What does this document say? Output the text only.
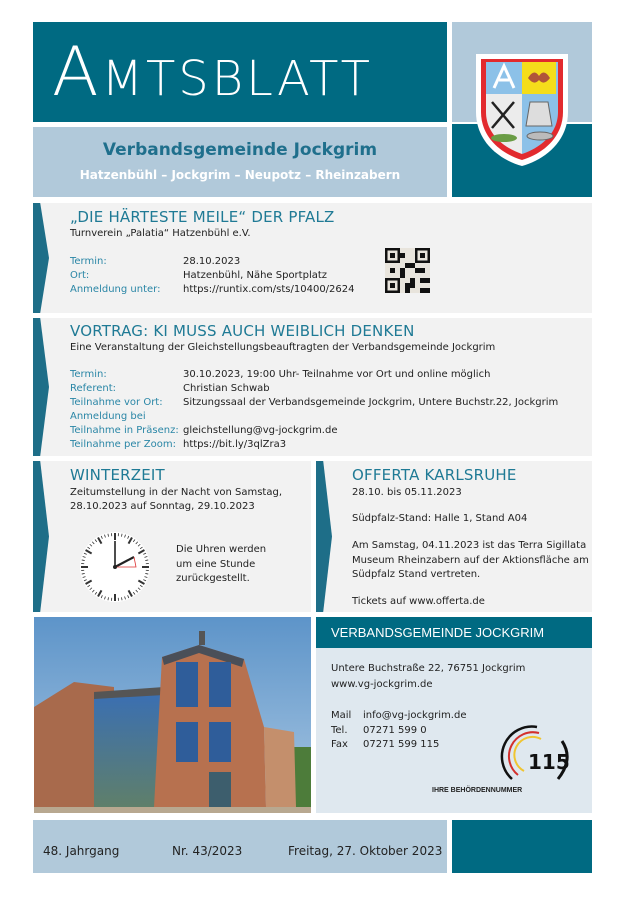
AMTSBLATT
Verbandsgemeinde Jockgrim
Hatzenbühl – Jockgrim – Neupotz – Rheinzabern
„DIE HÄRTESTE MEILE“ DER PFALZ
Turnverein „Palatia“ Hatzenbühl e.V.
Termin:	28.10.2023
Ort:	Hatzenbühl, Nähe Sportplatz
Anmeldung unter:	https://runtix.com/sts/10400/2624
VORTRAG: KI MUSS AUCH WEIBLICH DENKEN
Eine Veranstaltung der Gleichstellungsbeauftragten der Verbandsgemeinde Jockgrim
Termin:	30.10.2023, 19:00 Uhr- Teilnahme vor Ort und online möglich
Referent:	Christian Schwab
Teilnahme vor Ort:	Sitzungssaal der Verbandsgemeinde Jockgrim, Untere Buchstr.22, Jockgrim
Anmeldung bei
Teilnahme in Präsenz: gleichstellung@vg-jockgrim.de
Teilnahme per Zoom: https://bit.ly/3qlZra3
WINTERZEIT
Zeitumstellung in der Nacht von Samstag,
28.10.2023 auf Sonntag, 29.10.2023
Die Uhren werden
um eine Stunde
zurückgestellt.
OFFERTA KARLSRUHE
28.10. bis 05.11.2023
Südpfalz-Stand: Halle 1, Stand A04
Am Samstag, 04.11.2023 ist das Terra Sigillata
Museum Rheinzabern auf der Aktionsfläche am
Südpfalz Stand vertreten.
Tickets auf www.offerta.de
VERBANDSGEMEINDE JOCKGRIM
Untere Buchstraße 22, 76751 Jockgrim
www.vg-jockgrim.de
Mail	info@vg-jockgrim.de
Tel.	07271 599 0
Fax	07271 599 115
115
IHRE BEHÖRDENNUMMER
48. Jahrgang	Nr. 43/2023	Freitag, 27. Oktober 2023
